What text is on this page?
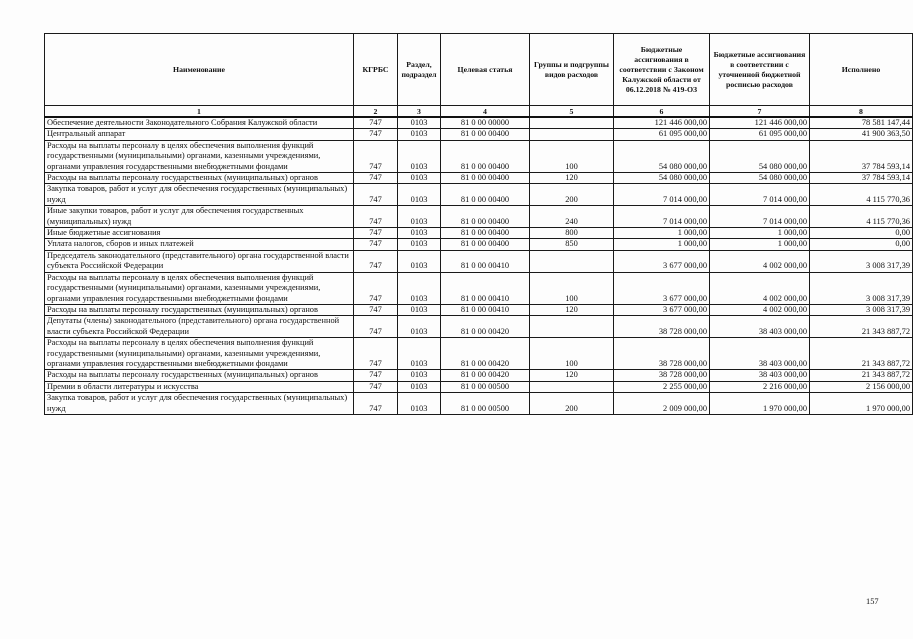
Наименование	КГРБС	Раздел, подраздел	Целевая статья	Группы и подгруппы видов расходов	Бюджетные ассигнования в соответствии с Законом Калужской области от 06.12.2018 № 419-ОЗ	Бюджетные ассигнования в соответствии с уточненной бюджетной росписью расходов	Исполнено
1	2	3	4	5	6	7	8
Обеспечение деятельности Законодательного Собрания Калужской области	747	0103	81 0 00 00000		121 446 000,00	121 446 000,00	78 581 147,44
Центральный аппарат	747	0103	81 0 00 00400		61 095 000,00	61 095 000,00	41 900 363,50
Расходы на выплаты персоналу в целях обеспечения выполнения функций государственными (муниципальными) органами, казенными учреждениями, органами управления государственными внебюджетными фондами	747	0103	81 0 00 00400	100	54 080 000,00	54 080 000,00	37 784 593,14
Расходы на выплаты персоналу государственных (муниципальных) органов	747	0103	81 0 00 00400	120	54 080 000,00	54 080 000,00	37 784 593,14
Закупка товаров, работ и услуг для обеспечения государственных (муниципальных) нужд	747	0103	81 0 00 00400	200	7 014 000,00	7 014 000,00	4 115 770,36
Иные закупки товаров, работ и услуг для обеспечения государственных (муниципальных) нужд	747	0103	81 0 00 00400	240	7 014 000,00	7 014 000,00	4 115 770,36
Иные бюджетные ассигнования	747	0103	81 0 00 00400	800	1 000,00	1 000,00	0,00
Уплата налогов, сборов и иных платежей	747	0103	81 0 00 00400	850	1 000,00	1 000,00	0,00
Председатель законодательного (представительного) органа государственной власти субъекта Российской Федерации	747	0103	81 0 00 00410		3 677 000,00	4 002 000,00	3 008 317,39
Расходы на выплаты персоналу в целях обеспечения выполнения функций государственными (муниципальными) органами, казенными учреждениями, органами управления государственными внебюджетными фондами	747	0103	81 0 00 00410	100	3 677 000,00	4 002 000,00	3 008 317,39
Расходы на выплаты персоналу государственных (муниципальных) органов	747	0103	81 0 00 00410	120	3 677 000,00	4 002 000,00	3 008 317,39
Депутаты (члены) законодательного (представительного) органа государственной власти субъекта Российской Федерации	747	0103	81 0 00 00420		38 728 000,00	38 403 000,00	21 343 887,72
Расходы на выплаты персоналу в целях обеспечения выполнения функций государственными (муниципальными) органами, казенными учреждениями, органами управления государственными внебюджетными фондами	747	0103	81 0 00 00420	100	38 728 000,00	38 403 000,00	21 343 887,72
Расходы на выплаты персоналу государственных (муниципальных) органов	747	0103	81 0 00 00420	120	38 728 000,00	38 403 000,00	21 343 887,72
Премии в области литературы и искусства	747	0103	81 0 00 00500		2 255 000,00	2 216 000,00	2 156 000,00
Закупка товаров, работ и услуг для обеспечения государственных (муниципальных) нужд	747	0103	81 0 00 00500	200	2 009 000,00	1 970 000,00	1 970 000,00
157
